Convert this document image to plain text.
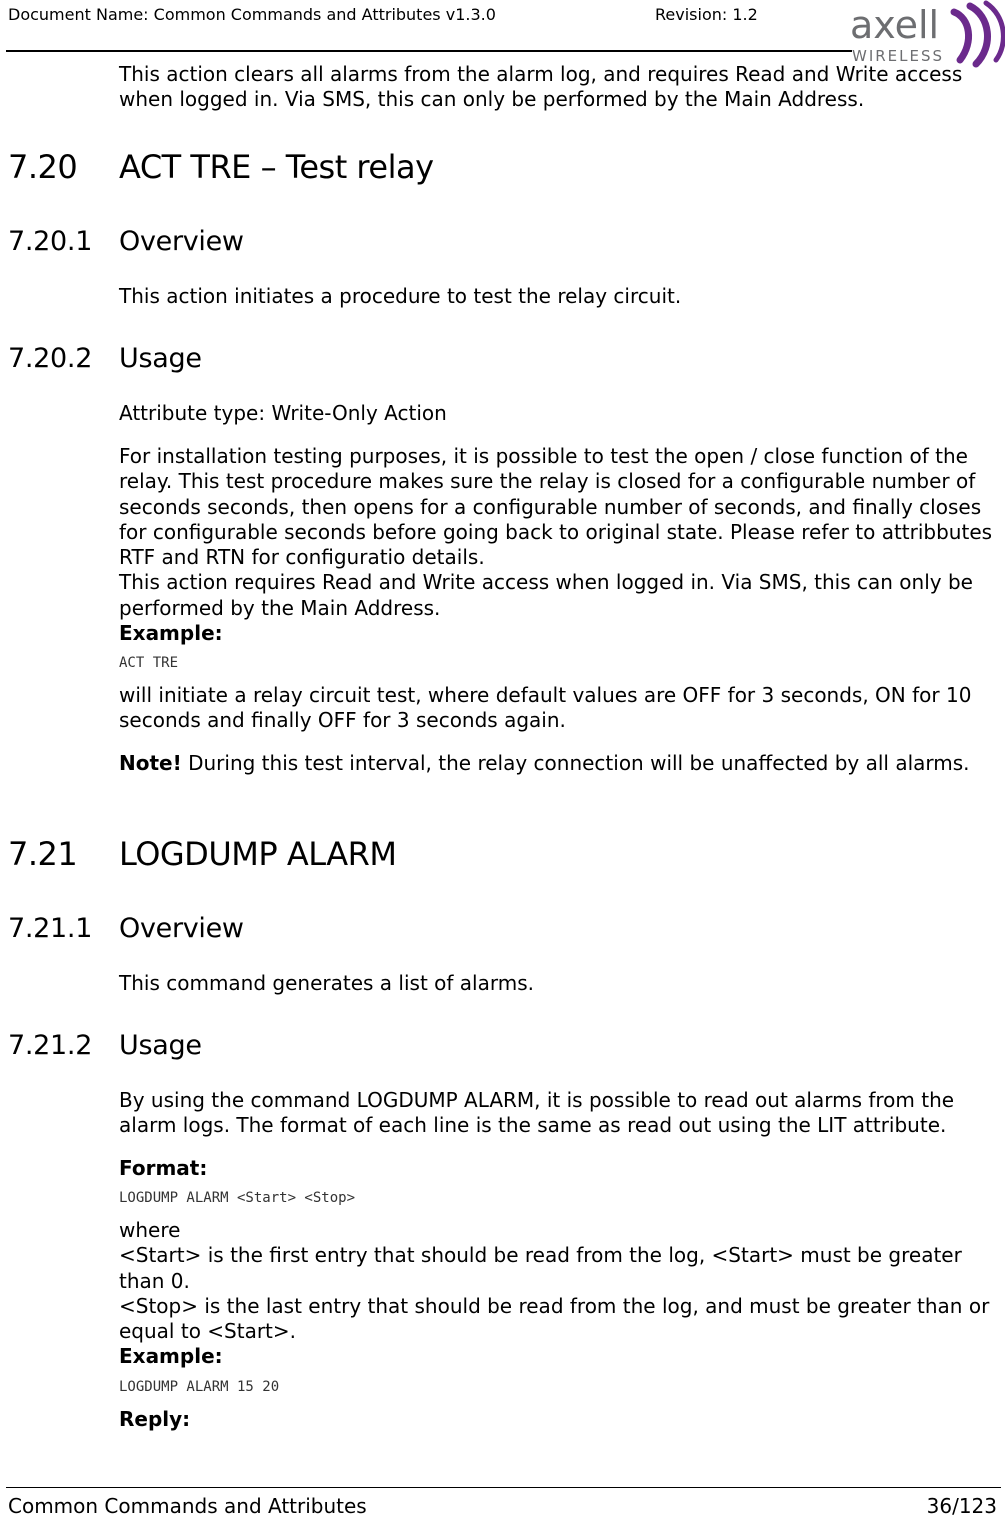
Document Name: Common Commands and Attributes v1.3.0	Revision: 1.2 axell
WIRELESS
This action clears all alarms from the alarm log, and requires Read and Write access when logged in. Via SMS, this can only be performed by the Main Address.
7.20 ACT TRE – Test relay
7.20.1 Overview
This action initiates a procedure to test the relay circuit.
7.20.2 Usage
Attribute type: Write-Only Action
For installation testing purposes, it is possible to test the open / close function of the relay. This test procedure makes sure the relay is closed for a configurable number of seconds seconds, then opens for a configurable number of seconds, and finally closes for configurable seconds before going back to original state. Please refer to attribbutes RTF and RTN for configuratio details.
This action requires Read and Write access when logged in. Via SMS, this can only be performed by the Main Address.
Example:
ACT TRE
will initiate a relay circuit test, where default values are OFF for 3 seconds, ON for 10 seconds and finally OFF for 3 seconds again.
Note! During this test interval, the relay connection will be unaffected by all alarms.
7.21 LOGDUMP ALARM
7.21.1 Overview
This command generates a list of alarms.
7.21.2 Usage
By using the command LOGDUMP ALARM, it is possible to read out alarms from the alarm logs. The format of each line is the same as read out using the LIT attribute.
Format:
LOGDUMP ALARM <Start> <Stop>
where
<Start> is the first entry that should be read from the log, <Start> must be greater than 0.
<Stop> is the last entry that should be read from the log, and must be greater than or equal to <Start>.
Example:
LOGDUMP ALARM 15 20
Reply:
Common Commands and Attributes	36/123
